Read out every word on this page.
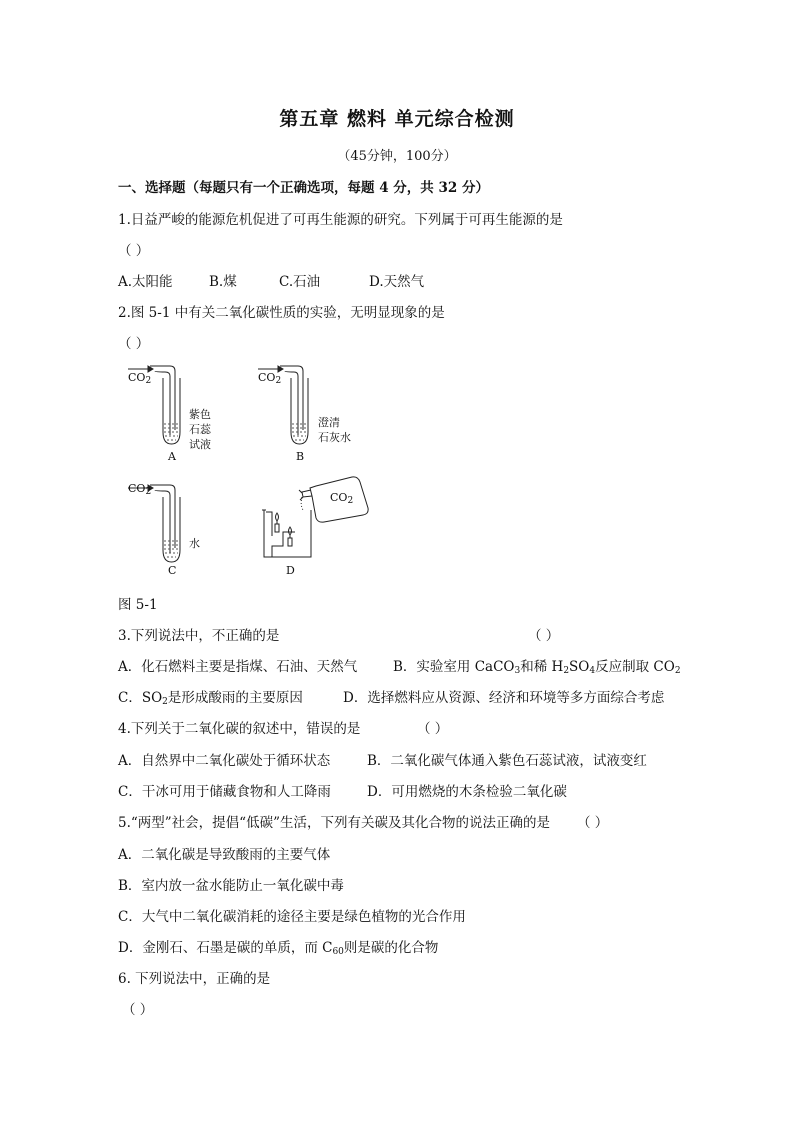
第五章 燃料 单元综合检测
（45分钟，100分）
一、选择题（每题只有一个正确选项，每题 4 分，共 32 分）
1.日益严峻的能源危机促进了可再生能源的研究。下列属于可再生能源的是
（ ）
A.太阳能	B.煤	C.石油	D.天然气
2.图 5-1 中有关二氧化碳性质的实验，无明显现象的是
（ ）
$CO_2$	$CO_2$
$CO_2$	$CO_2$
紫色
石蕊
试液
澄清
石灰水
水
A	B
C	D
图 5-1
3.下列说法中，不正确的是	（ ）
A．化石燃料主要是指煤、石油、天然气	B．实验室用 CaCO$_3$和稀 $H_2SO_4$反应制取 $CO_2$
C．$SO_2$是形成酸雨的主要原因	D．选择燃料应从资源、经济和环境等多方面综合考虑
4.下列关于二氧化碳的叙述中，错误的是	（ ）
A．自然界中二氧化碳处于循环状态	B．二氧化碳气体通入紫色石蕊试液，试液变红
C．干冰可用于储藏食物和人工降雨	D．可用燃烧的木条检验二氧化碳
5.“两型”社会，提倡“低碳”生活，下列有关碳及其化合物的说法正确的是 （ ）
A．二氧化碳是导致酸雨的主要气体
B．室内放一盆水能防止一氧化碳中毒
C．大气中二氧化碳消耗的途径主要是绿色植物的光合作用
D．金刚石、石墨是碳的单质，而 $C_{60}$则是碳的化合物
6. 下列说法中，正确的是
（ ）
